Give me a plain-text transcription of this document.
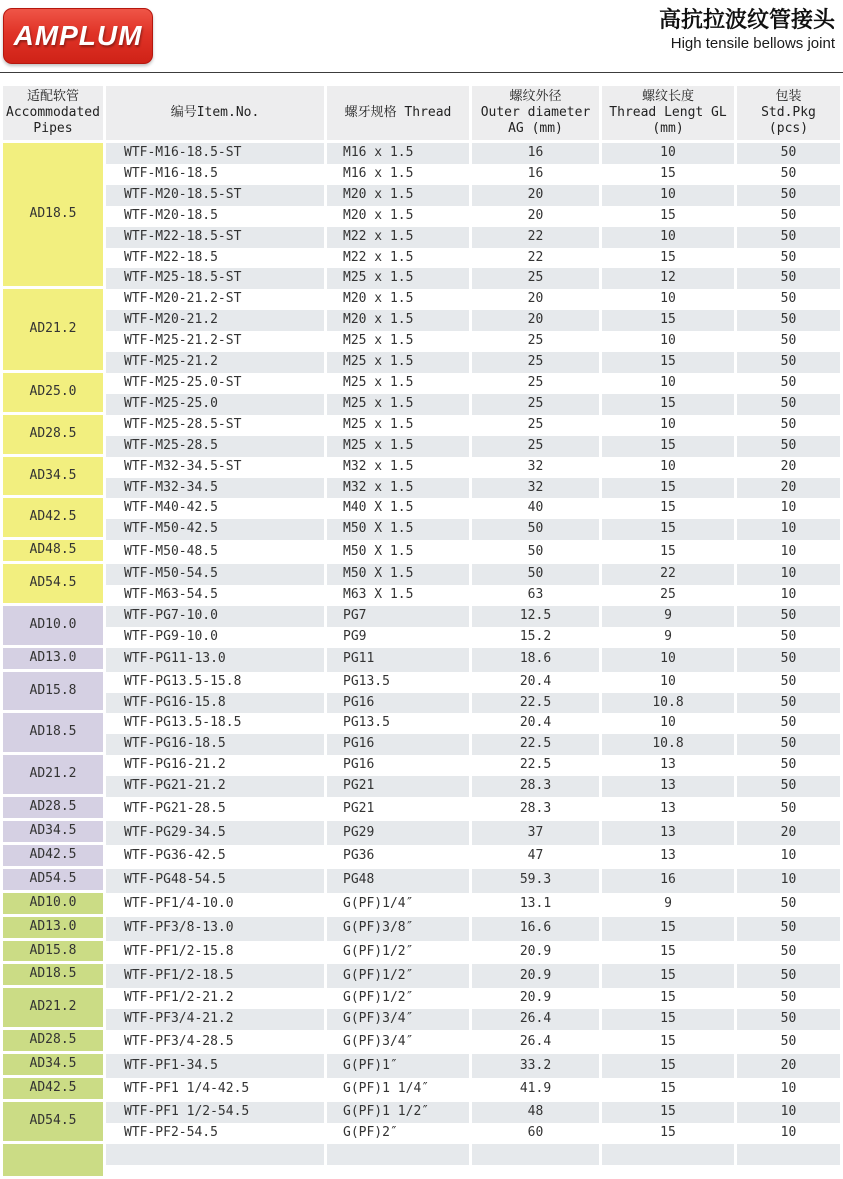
AMPLUM	高抗拉波纹管接头
High tensile bellows joint
适配软管
Accommodated
Pipes	编号Item.No.	螺牙规格 Thread	螺纹外径
Outer diameter
AG (mm)	螺纹长度
Thread Lengt GL
(mm)	包装
Std.Pkg
(pcs)

AD18.5	WTF-M16-18.5-ST	M16 x 1.5	16	10	50
	WTF-M16-18.5	M16 x 1.5	16	15	50
	WTF-M20-18.5-ST	M20 x 1.5	20	10	50
	WTF-M20-18.5	M20 x 1.5	20	15	50
	WTF-M22-18.5-ST	M22 x 1.5	22	10	50
	WTF-M22-18.5	M22 x 1.5	22	15	50
	WTF-M25-18.5-ST	M25 x 1.5	25	12	50
AD21.2	WTF-M20-21.2-ST	M20 x 1.5	20	10	50
	WTF-M20-21.2	M20 x 1.5	20	15	50
	WTF-M25-21.2-ST	M25 x 1.5	25	10	50
	WTF-M25-21.2	M25 x 1.5	25	15	50
AD25.0	WTF-M25-25.0-ST	M25 x 1.5	25	10	50
	WTF-M25-25.0	M25 x 1.5	25	15	50
AD28.5	WTF-M25-28.5-ST	M25 x 1.5	25	10	50
	WTF-M25-28.5	M25 x 1.5	25	15	50
AD34.5	WTF-M32-34.5-ST	M32 x 1.5	32	10	20
	WTF-M32-34.5	M32 x 1.5	32	15	20
AD42.5	WTF-M40-42.5	M40 X 1.5	40	15	10
	WTF-M50-42.5	M50 X 1.5	50	15	10
AD48.5	WTF-M50-48.5	M50 X 1.5	50	15	10
AD54.5	WTF-M50-54.5	M50 X 1.5	50	22	10
	WTF-M63-54.5	M63 X 1.5	63	25	10
AD10.0	WTF-PG7-10.0	PG7	12.5	9	50
	WTF-PG9-10.0	PG9	15.2	9	50
AD13.0	WTF-PG11-13.0	PG11	18.6	10	50
AD15.8	WTF-PG13.5-15.8	PG13.5	20.4	10	50
	WTF-PG16-15.8	PG16	22.5	10.8	50
AD18.5	WTF-PG13.5-18.5	PG13.5	20.4	10	50
	WTF-PG16-18.5	PG16	22.5	10.8	50
AD21.2	WTF-PG16-21.2	PG16	22.5	13	50
	WTF-PG21-21.2	PG21	28.3	13	50
AD28.5	WTF-PG21-28.5	PG21	28.3	13	50
AD34.5	WTF-PG29-34.5	PG29	37	13	20
AD42.5	WTF-PG36-42.5	PG36	47	13	10
AD54.5	WTF-PG48-54.5	PG48	59.3	16	10
AD10.0	WTF-PF1/4-10.0	G(PF)1/4″	13.1	9	50
AD13.0	WTF-PF3/8-13.0	G(PF)3/8″	16.6	15	50
AD15.8	WTF-PF1/2-15.8	G(PF)1/2″	20.9	15	50
AD18.5	WTF-PF1/2-18.5	G(PF)1/2″	20.9	15	50
AD21.2	WTF-PF1/2-21.2	G(PF)1/2″	20.9	15	50
	WTF-PF3/4-21.2	G(PF)3/4″	26.4	15	50
AD28.5	WTF-PF3/4-28.5	G(PF)3/4″	26.4	15	50
AD34.5	WTF-PF1-34.5	G(PF)1″	33.2	15	20
AD42.5	WTF-PF1 1/4-42.5	G(PF)1 1/4″	41.9	15	10
AD54.5	WTF-PF1 1/2-54.5	G(PF)1 1/2″	48	15	10
	WTF-PF2-54.5	G(PF)2″	60	15	10
